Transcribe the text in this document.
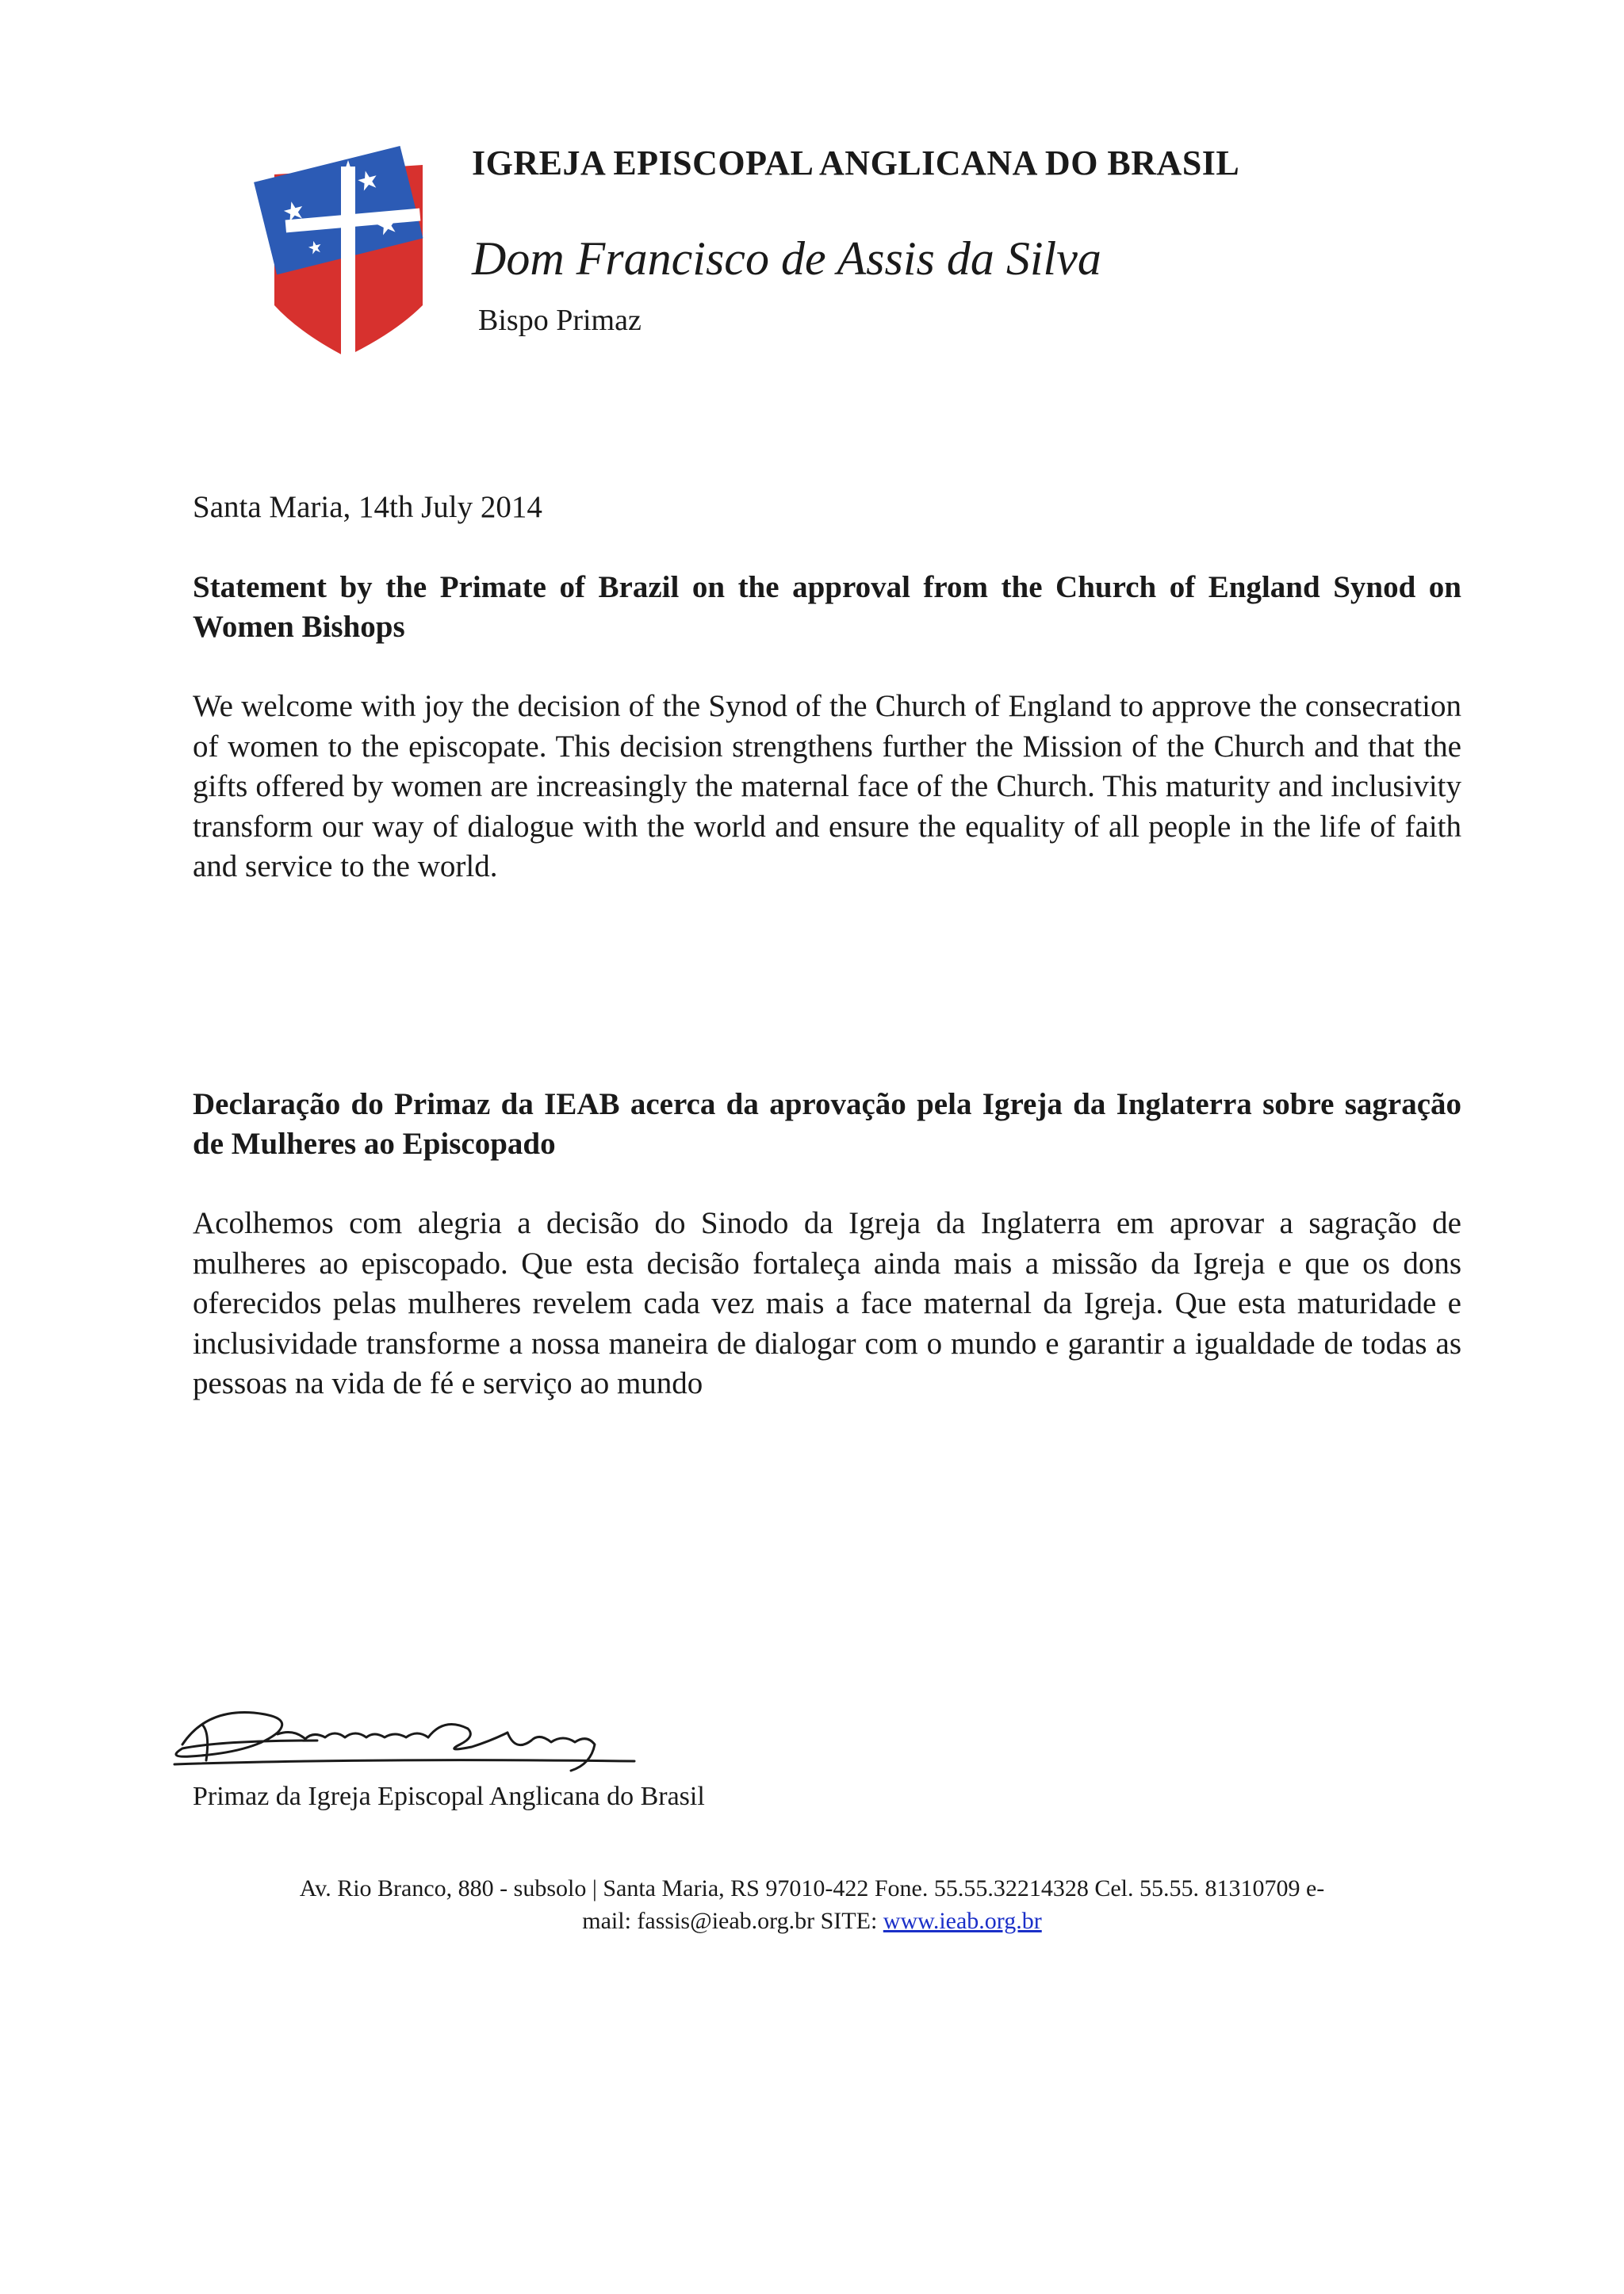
IGREJA EPISCOPAL ANGLICANA DO BRASIL
Dom Francisco de Assis da Silva
Bispo Primaz
Santa Maria, 14th July 2014

Statement by the Primate of Brazil on the approval from the Church of England Synod on Women Bishops

We welcome with joy the decision of the Synod of the Church of England to approve the consecration of women to the episcopate. This decision strengthens further the Mission of the Church and that the gifts offered by women are increasingly the maternal face of the Church. This maturity and inclusivity transform our way of dialogue with the world and ensure the equality of all people in the life of faith and service to the world.

Declaração do Primaz da IEAB acerca da aprovação pela Igreja da Inglaterra sobre sagração de Mulheres ao Episcopado

Acolhemos com alegria a decisão do Sinodo da Igreja da Inglaterra em aprovar a sagração de mulheres ao episcopado. Que esta decisão fortaleça ainda mais a missão da Igreja e que os dons oferecidos pelas mulheres revelem cada vez mais a face maternal da Igreja. Que esta maturidade e inclusividade transforme a nossa maneira de dialogar com o mundo e garantir a igualdade de todas as pessoas na vida de fé e serviço ao mundo

Primaz da Igreja Episcopal Anglicana do Brasil
Av. Rio Branco, 880 - subsolo | Santa Maria, RS 97010-422 Fone. 55.55.32214328 Cel. 55.55. 81310709 e-
mail: fassis@ieab.org.br SITE: www.ieab.org.br
